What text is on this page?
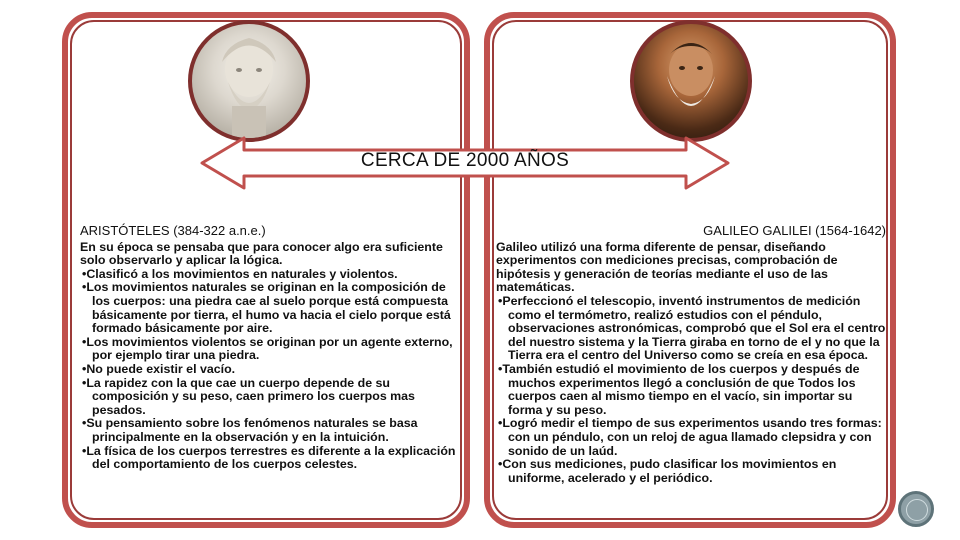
CERCA DE 2000 AÑOS

ARISTÓTELES (384-322 a.n.e.)

En su época se pensaba que para conocer algo era suficiente solo observarlo y aplicar la lógica.

•Clasificó a los movimientos en naturales y violentos.

•Los movimientos naturales se originan en la composición de los cuerpos: una piedra cae al suelo porque está compuesta básicamente por tierra, el humo va hacia el cielo porque está formado básicamente por aire.

•Los movimientos violentos se originan por un agente externo, por ejemplo tirar una piedra.

•No puede existir el vacío.

•La rapidez con la que cae un cuerpo depende de su composición y su peso, caen primero los cuerpos mas pesados.

•Su pensamiento sobre los fenómenos naturales se basa principalmente en la observación y en la intuición.

•La física de los cuerpos terrestres es diferente a la explicación del comportamiento de los cuerpos celestes.

GALILEO GALILEI (1564-1642)

Galileo utilizó una forma diferente de pensar, diseñando experimentos con mediciones precisas, comprobación de hipótesis y generación de teorías mediante el uso de las matemáticas.

•Perfeccionó el telescopio, inventó instrumentos de medición como el termómetro, realizó estudios con el péndulo, observaciones astronómicas, comprobó que el Sol era el centro del nuestro sistema y la Tierra giraba en torno de el y no que la Tierra era el centro del Universo como se creía en esa época.

•También estudió el movimiento de los cuerpos y después de muchos experimentos llegó a conclusión de que Todos los cuerpos caen al mismo tiempo en el vacío, sin importar su forma y su peso.

•Logró medir el tiempo de sus experimentos usando tres formas: con un péndulo, con un reloj de agua llamado clepsidra y con sonido de un laúd.

•Con sus mediciones, pudo clasificar los movimientos en uniforme, acelerado y el periódico.
